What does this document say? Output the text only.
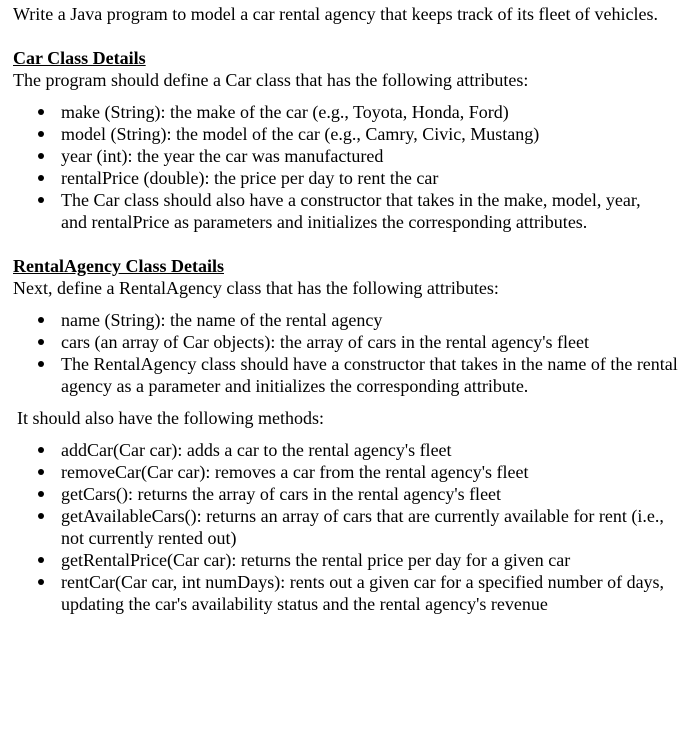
Write a Java program to model a car rental agency that keeps track of its fleet of vehicles.

Car Class Details

The program should define a Car class that has the following attributes:

make (String): the make of the car (e.g., Toyota, Honda, Ford)
model (String): the model of the car (e.g., Camry, Civic, Mustang)
year (int): the year the car was manufactured
rentalPrice (double): the price per day to rent the car
The Car class should also have a constructor that takes in the make, model, year, and rentalPrice as parameters and initializes the corresponding attributes.

RentalAgency Class Details

Next, define a RentalAgency class that has the following attributes:

name (String): the name of the rental agency
cars (an array of Car objects): the array of cars in the rental agency's fleet
The RentalAgency class should have a constructor that takes in the name of the rental agency as a parameter and initializes the corresponding attribute.

It should also have the following methods:

addCar(Car car): adds a car to the rental agency's fleet
removeCar(Car car): removes a car from the rental agency's fleet
getCars(): returns the array of cars in the rental agency's fleet
getAvailableCars(): returns an array of cars that are currently available for rent (i.e., not currently rented out)
getRentalPrice(Car car): returns the rental price per day for a given car
rentCar(Car car, int numDays): rents out a given car for a specified number of days, updating the car's availability status and the rental agency's revenue
